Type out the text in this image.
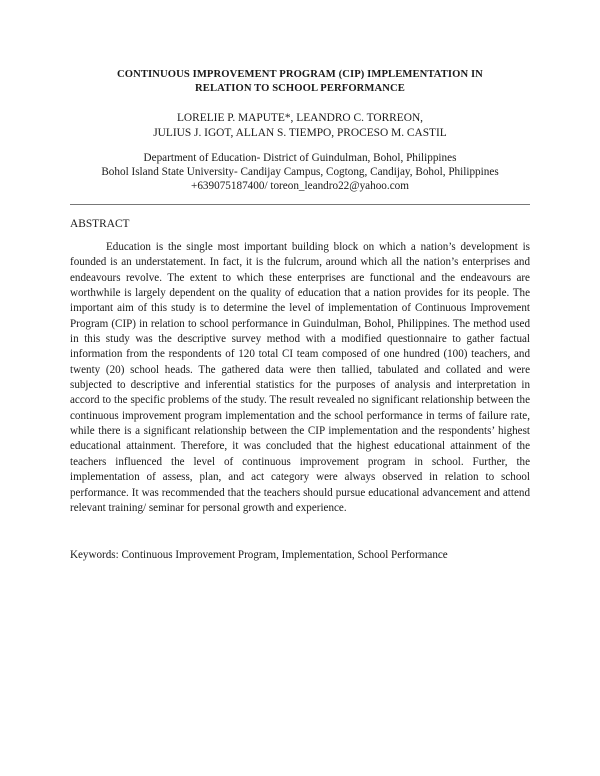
CONTINUOUS IMPROVEMENT PROGRAM (CIP) IMPLEMENTATION IN
RELATION TO SCHOOL PERFORMANCE
LORELIE P. MAPUTE*, LEANDRO C. TORREON,
JULIUS J. IGOT, ALLAN S. TIEMPO, PROCESO M. CASTIL
Department of Education- District of Guindulman, Bohol, Philippines
Bohol Island State University- Candijay Campus, Cogtong, Candijay, Bohol, Philippines
+639075187400/ toreon_leandro22@yahoo.com
ABSTRACT

Education is the single most important building block on which a nation’s development is founded is an understatement. In fact, it is the fulcrum, around which all the nation’s enterprises and endeavours revolve. The extent to which these enterprises are functional and the endeavours are worthwhile is largely dependent on the quality of education that a nation provides for its people. The important aim of this study is to determine the level of implementation of Continuous Improvement Program (CIP) in relation to school performance in Guindulman, Bohol, Philippines. The method used in this study was the descriptive survey method with a modified questionnaire to gather factual information from the respondents of 120 total CI team composed of one hundred (100) teachers, and twenty (20) school heads. The gathered data were then tallied, tabulated and collated and were subjected to descriptive and inferential statistics for the purposes of analysis and interpretation in accord to the specific problems of the study. The result revealed no significant relationship between the continuous improvement program implementation and the school performance in terms of failure rate, while there is a significant relationship between the CIP implementation and the respondents’ highest educational attainment. Therefore, it was concluded that the highest educational attainment of the teachers influenced the level of continuous improvement program in school. Further, the implementation of assess, plan, and act category were always observed in relation to school performance. It was recommended that the teachers should pursue educational advancement and attend relevant training/ seminar for personal growth and experience.

Keywords: Continuous Improvement Program, Implementation, School Performance
